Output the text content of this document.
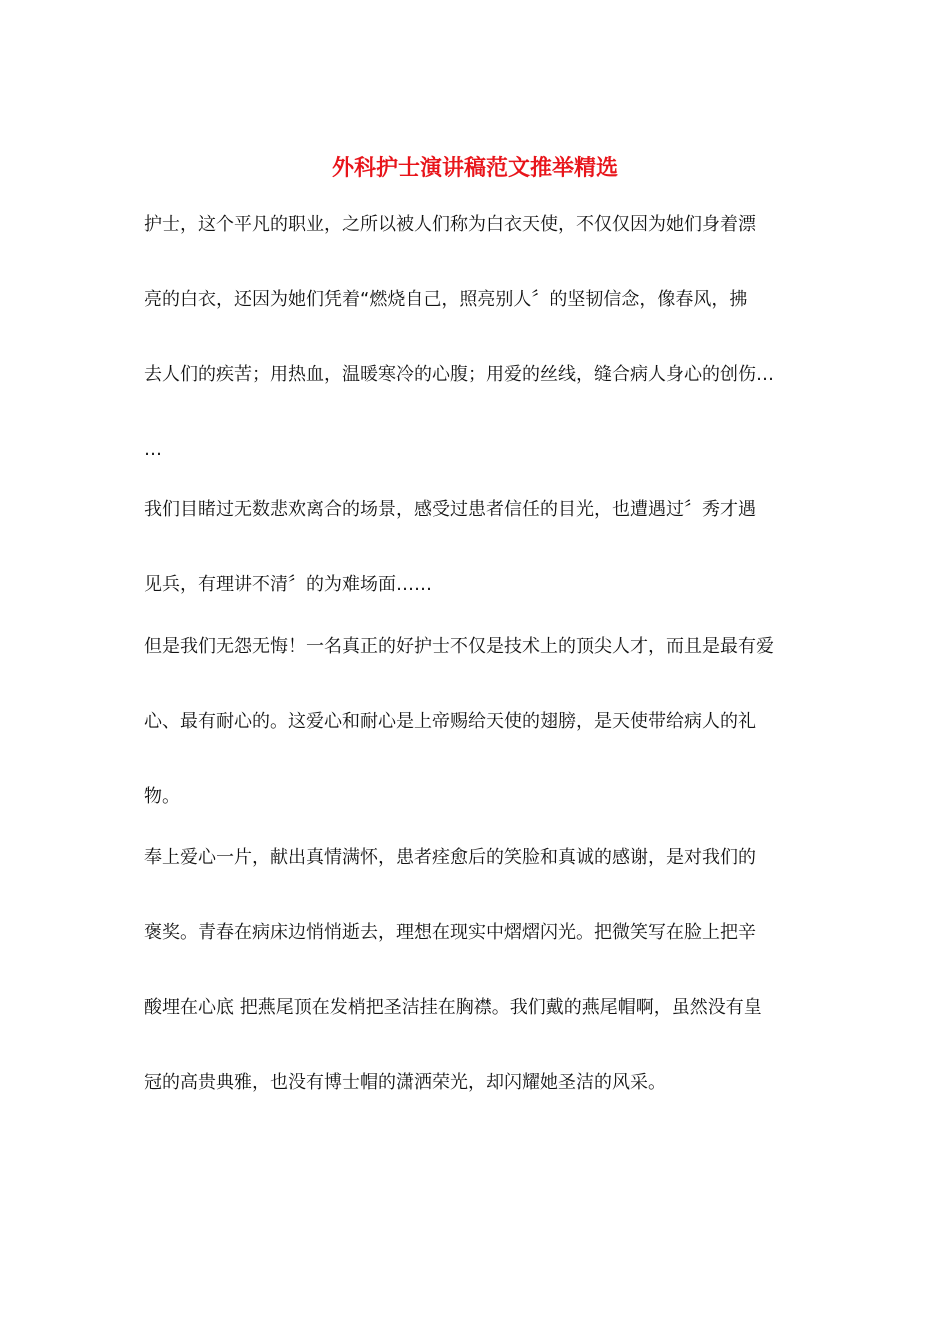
外科护士演讲稿范文推举精选

护士，这个平凡的职业，之所以被人们称为白衣天使，不仅仅因为她们身着漂

亮的白衣，还因为她们凭着“燃烧自己，照亮别人〞的坚韧信念，像春风，拂

去人们的疾苦；用热血，温暖寒冷的心腹；用爱的丝线，缝合病人身心的创伤…

…

我们目睹过无数悲欢离合的场景，感受过患者信任的目光，也遭遇过〞秀才遇

见兵，有理讲不清〞的为难场面……

但是我们无怨无悔！一名真正的好护士不仅是技术上的顶尖人才，而且是最有爱

心、最有耐心的。这爱心和耐心是上帝赐给天使的翅膀，是天使带给病人的礼

物。

奉上爱心一片，献出真情满怀，患者痊愈后的笑脸和真诚的感谢，是对我们的

褒奖。青春在病床边悄悄逝去，理想在现实中熠熠闪光。把微笑写在脸上把辛

酸埋在心底 把燕尾顶在发梢把圣洁挂在胸襟。我们戴的燕尾帽啊，虽然没有皇

冠的高贵典雅，也没有博士帽的潇洒荣光，却闪耀她圣洁的风采。
